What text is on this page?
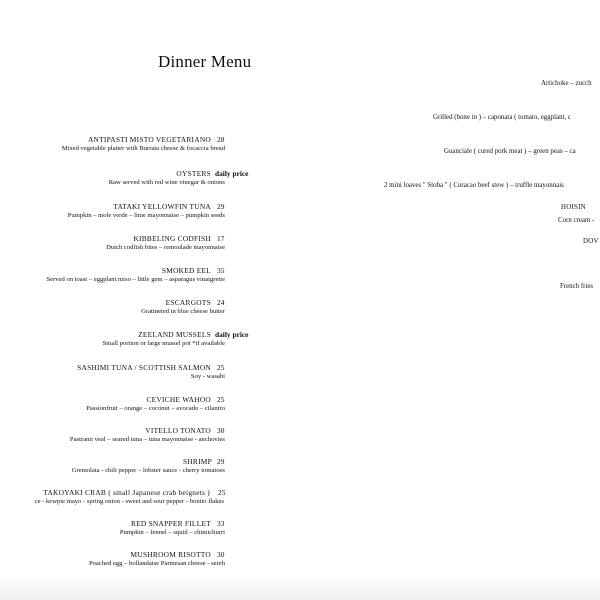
Dinner Menu
ANTIPASTI MISTO VEGETARIANO 28
Mixed vegetable platter with Burrata cheese & focaccia bread
OYSTERS daily price
Raw served with red wine vinegar & onions
TATAKI YELLOWFIN TUNA 29
Pumpkin – mole verde – lime mayonnaise – pumpkin seeds
KIBBELING CODFISH 17
Dutch codfish bites – remoulade mayonnaise
SMOKED EEL 35
Served on toast – eggplant miso – little gem – asparagus vinaigrette
ESCARGOTS 24
Gratineted in blue cheese butter
ZEELAND MUSSELS daily price
Small portion or large mussel pot *if available
SASHIMI TUNA / SCOTTISH SALMON 25
Soy - wasabi
CEVICHE WAHOO 25
Passionfruit – orange – coconut – avocado – cilantro
VITELLO TONATO 30
Pastrami veal – seared tuna – tuna mayonnaise - anchovies
SHRIMP 29
Gremolata - chili pepper – lobster sauce - cherry tomatoes
TAKOYAKI CRAB ( small Japanese crab beignets ) 25
ce - kewpie mayo - spring onion - sweet and sour pepper - bonito flakes
RED SNAPPER FILLET 33
Pumpkin – fennel – squid – chimichurri
MUSHROOM RISOTTO 30
Poached egg – hollandaise Parmesan cheese - sereh
Artichoke – zucch
Grilled (bone in ) – caponata ( tomato, eggplant, c
Guanciale ( cured pork meat ) – green peas – ca
2 mini loaves " Stoba " ( Curacao beef stew ) – truffle mayonnais
HOISIN
Corn cream -
DOV
French fries
